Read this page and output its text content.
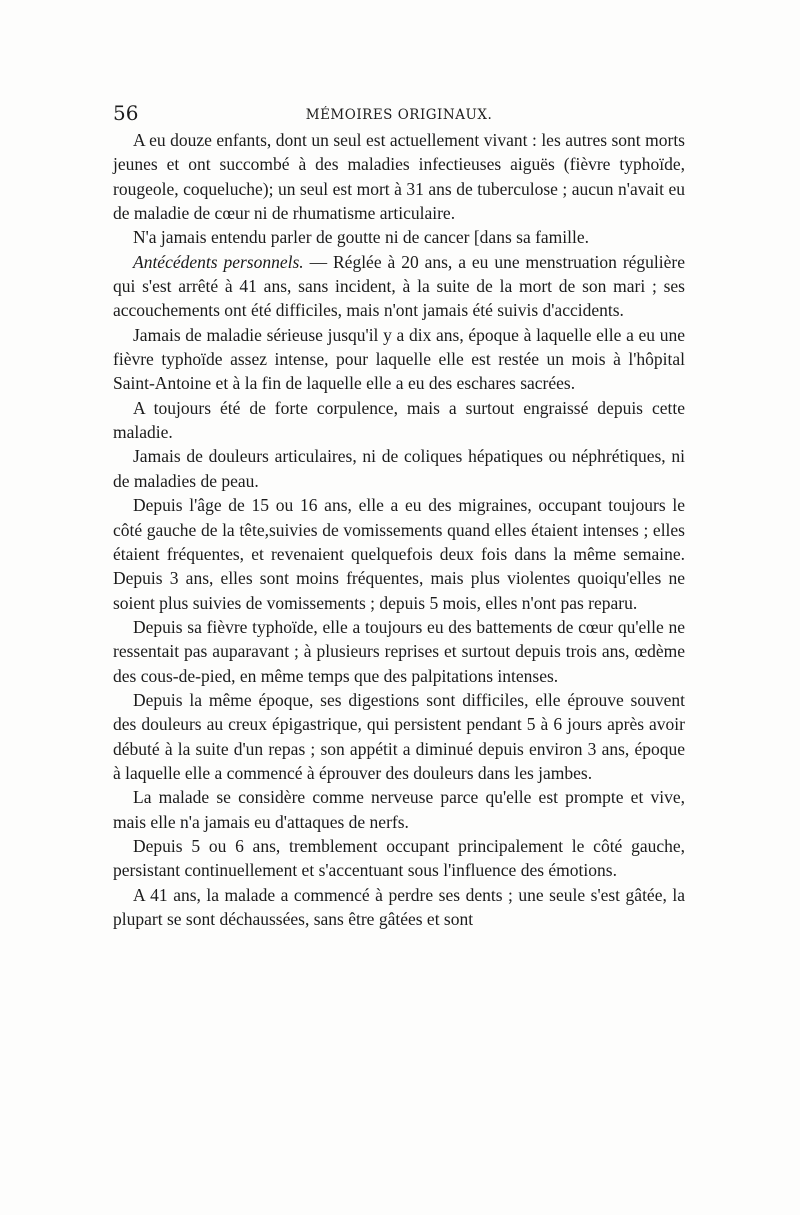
56	MÉMOIRES ORIGINAUX.

A eu douze enfants, dont un seul est actuellement vivant : les autres sont morts jeunes et ont succombé à des maladies infectieuses aiguës (fièvre typhoïde, rougeole, coqueluche); un seul est mort à 31 ans de tuberculose ; aucun n'avait eu de maladie de cœur ni de rhumatisme articulaire.

N'a jamais entendu parler de goutte ni de cancer [dans sa famille.

Antécédents personnels. — Réglée à 20 ans, a eu une menstruation régulière qui s'est arrêté à 41 ans, sans incident, à la suite de la mort de son mari ; ses accouchements ont été difficiles, mais n'ont jamais été suivis d'accidents.

Jamais de maladie sérieuse jusqu'il y a dix ans, époque à laquelle elle a eu une fièvre typhoïde assez intense, pour laquelle elle est restée un mois à l'hôpital Saint-Antoine et à la fin de laquelle elle a eu des eschares sacrées.

A toujours été de forte corpulence, mais a surtout engraissé depuis cette maladie.

Jamais de douleurs articulaires, ni de coliques hépatiques ou néphrétiques, ni de maladies de peau.

Depuis l'âge de 15 ou 16 ans, elle a eu des migraines, occupant toujours le côté gauche de la tête,suivies de vomissements quand elles étaient intenses ; elles étaient fréquentes, et revenaient quelquefois deux fois dans la même semaine. Depuis 3 ans, elles sont moins fréquentes, mais plus violentes quoiqu'elles ne soient plus suivies de vomissements ; depuis 5 mois, elles n'ont pas reparu.

Depuis sa fièvre typhoïde, elle a toujours eu des battements de cœur qu'elle ne ressentait pas auparavant ; à plusieurs reprises et surtout depuis trois ans, œdème des cous-de-pied, en même temps que des palpitations intenses.

Depuis la même époque, ses digestions sont difficiles, elle éprouve souvent des douleurs au creux épigastrique, qui persistent pendant 5 à 6 jours après avoir débuté à la suite d'un repas ; son appétit a diminué depuis environ 3 ans, époque à laquelle elle a commencé à éprouver des douleurs dans les jambes.

La malade se considère comme nerveuse parce qu'elle est prompte et vive, mais elle n'a jamais eu d'attaques de nerfs.

Depuis 5 ou 6 ans, tremblement occupant principalement le côté gauche, persistant continuellement et s'accentuant sous l'influence des émotions.

A 41 ans, la malade a commencé à perdre ses dents ; une seule s'est gâtée, la plupart se sont déchaussées, sans être gâtées et sont
